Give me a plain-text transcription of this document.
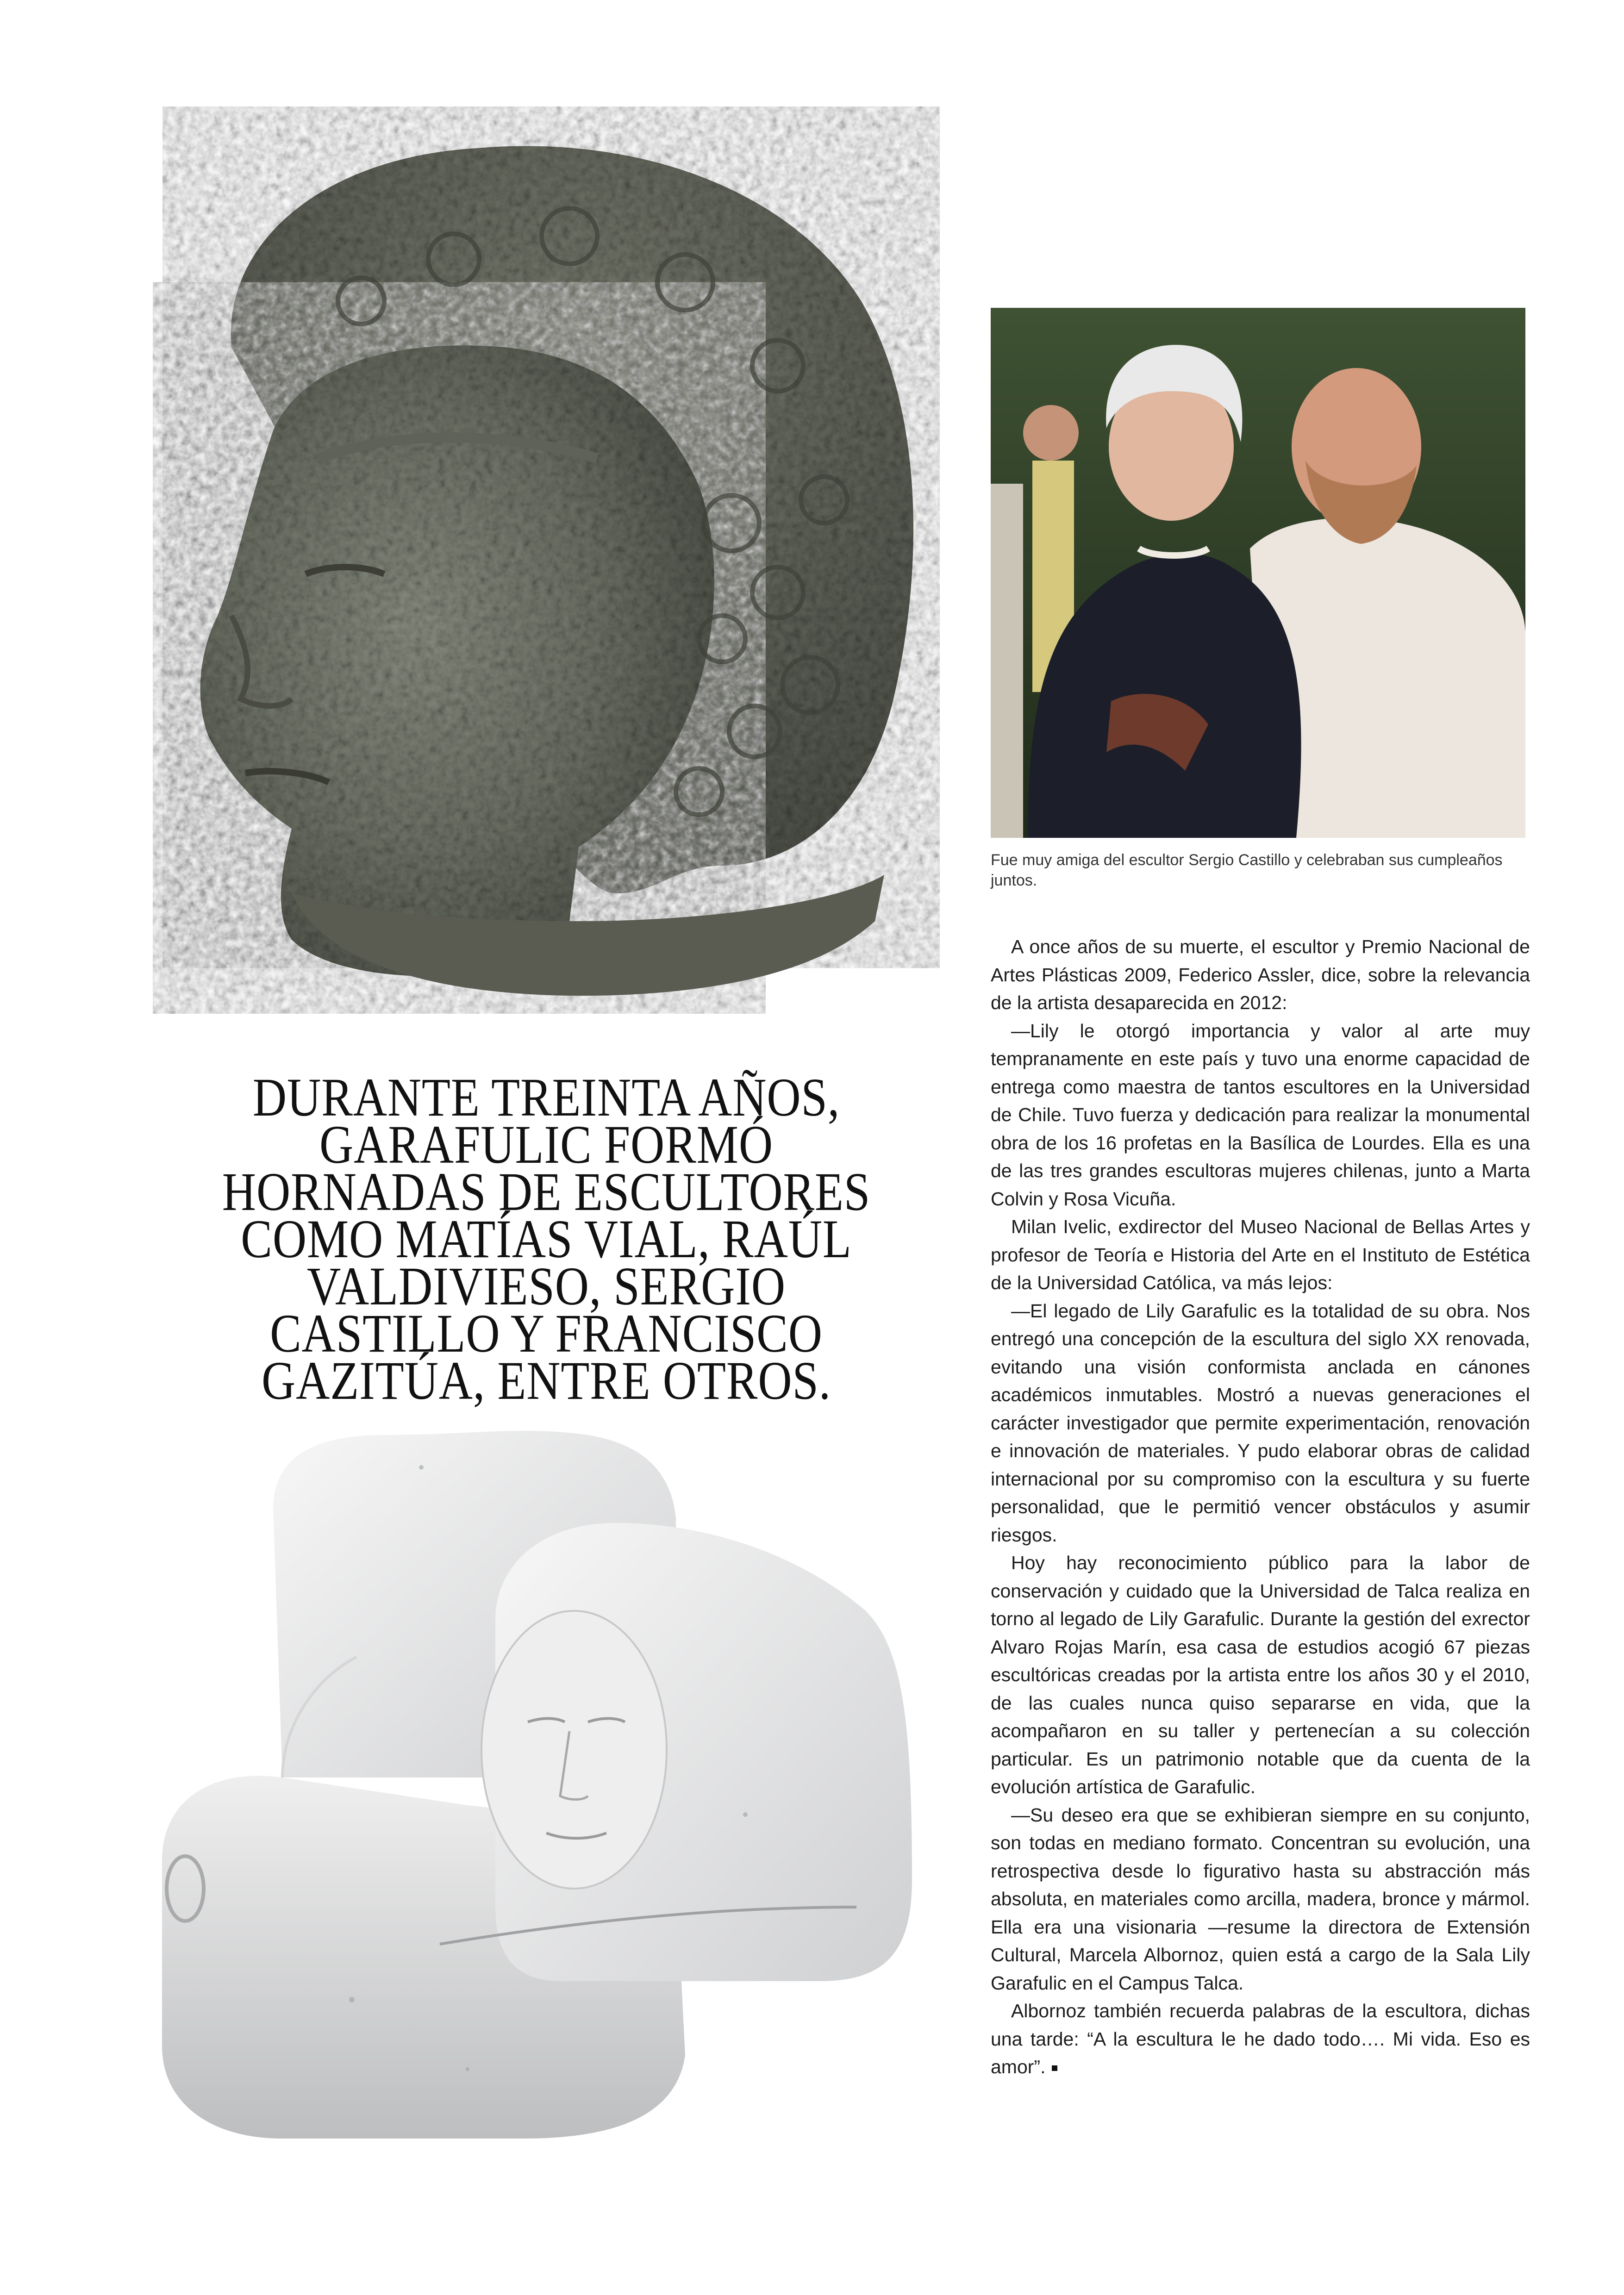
Fue muy amiga del escultor Sergio Castillo y celebraban sus cumpleaños juntos.
DURANTE TREINTA AÑOS, GARAFULIC FORMÓ HORNADAS DE ESCULTORES COMO MATÍAS VIAL, RAÚL VALDIVIESO, SERGIO CASTILLO Y FRANCISCO GAZITÚA, ENTRE OTROS.

A once años de su muerte, el escultor y Premio Nacional de Artes Plásticas 2009, Federico Assler, dice, sobre la relevancia de la artista desaparecida en 2012:

—Lily le otorgó importancia y valor al arte muy tempranamente en este país y tuvo una enorme capacidad de entrega como maestra de tantos escultores en la Universidad de Chile. Tuvo fuerza y dedicación para realizar la monumental obra de los 16 profetas en la Basílica de Lourdes. Ella es una de las tres grandes escultoras mujeres chilenas, junto a Marta Colvin y Rosa Vicuña.

Milan Ivelic, exdirector del Museo Nacional de Bellas Artes y profesor de Teoría e Historia del Arte en el Instituto de Estética de la Universidad Católica, va más lejos:

—El legado de Lily Garafulic es la totalidad de su obra. Nos entregó una concepción de la escultura del siglo XX renovada, evitando una visión conformista anclada en cánones académicos inmutables. Mostró a nuevas generaciones el carácter investigador que permite experimentación, renovación e innovación de materiales. Y pudo elaborar obras de calidad internacional por su compromiso con la escultura y su fuerte personalidad, que le permitió vencer obstáculos y asumir riesgos.

Hoy hay reconocimiento público para la labor de conservación y cuidado que la Universidad de Talca realiza en torno al legado de Lily Garafulic. Durante la gestión del exrector Alvaro Rojas Marín, esa casa de estudios acogió 67 piezas escultóricas creadas por la artista entre los años 30 y el 2010, de las cuales nunca quiso separarse en vida, que la acompañaron en su taller y pertenecían a su colección particular. Es un patrimonio notable que da cuenta de la evolución artística de Garafulic.

—Su deseo era que se exhibieran siempre en su conjunto, son todas en mediano formato. Concentran su evolución, una retrospectiva desde lo figurativo hasta su abstracción más absoluta, en materiales como arcilla, madera, bronce y mármol. Ella era una visionaria —resume la directora de Extensión Cultural, Marcela Albornoz, quien está a cargo de la Sala Lily Garafulic en el Campus Talca.

Albornoz también recuerda palabras de la escultora, dichas una tarde: “A la escultura le he dado todo…. Mi vida. Eso es amor”.
